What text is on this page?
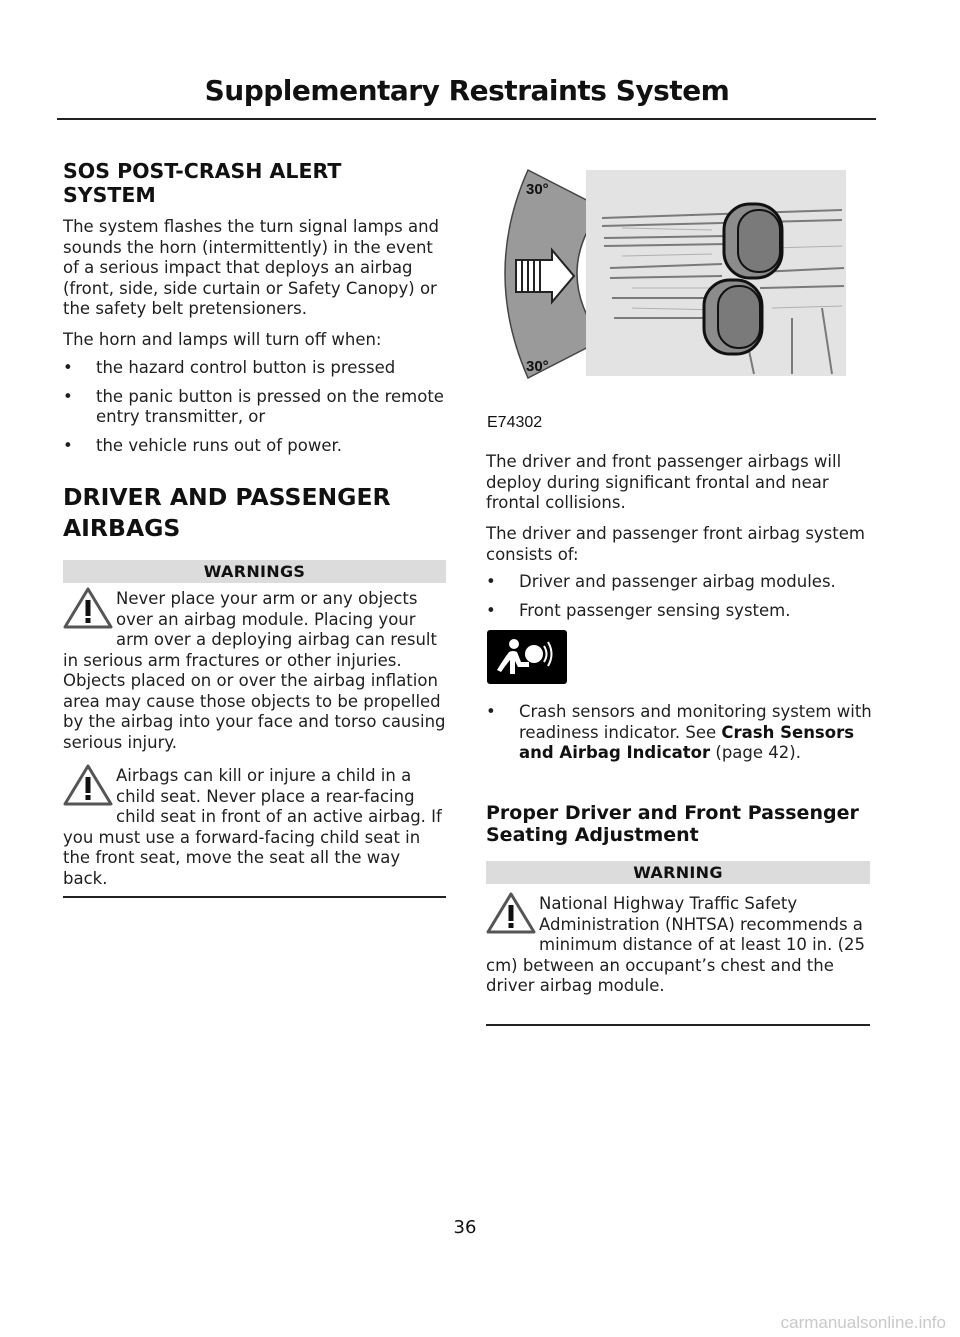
Supplementary Restraints System
SOS POST-CRASH ALERT SYSTEM

The system flashes the turn signal lamps and sounds the horn (intermittently) in the event of a serious impact that deploys an airbag (front, side, side curtain or Safety Canopy) or the safety belt pretensioners.

The horn and lamps will turn off when:

• the hazard control button is pressed
• the panic button is pressed on the remote entry transmitter, or
• the vehicle runs out of power.
DRIVER AND PASSENGER AIRBAGS
WARNINGS
Never place your arm or any objects over an airbag module. Placing your arm over a deploying airbag can result in serious arm fractures or other injuries. Objects placed on or over the airbag inflation area may cause those objects to be propelled by the airbag into your face and torso causing serious injury.
Airbags can kill or injure a child in a child seat. Never place a rear-facing child seat in front of an active airbag. If you must use a forward-facing child seat in the front seat, move the seat all the way back.
30°
30°
E74302

The driver and front passenger airbags will deploy during significant frontal and near frontal collisions.

The driver and passenger front airbag system consists of:

• Driver and passenger airbag modules.
• Front passenger sensing system.
• Crash sensors and monitoring system with readiness indicator. See Crash Sensors and Airbag Indicator (page 42).
Proper Driver and Front Passenger Seating Adjustment
WARNING
National Highway Traffic Safety Administration (NHTSA) recommends a minimum distance of at least 10 in. (25 cm) between an occupant’s chest and the driver airbag module.
36
carmanualsonline.info
